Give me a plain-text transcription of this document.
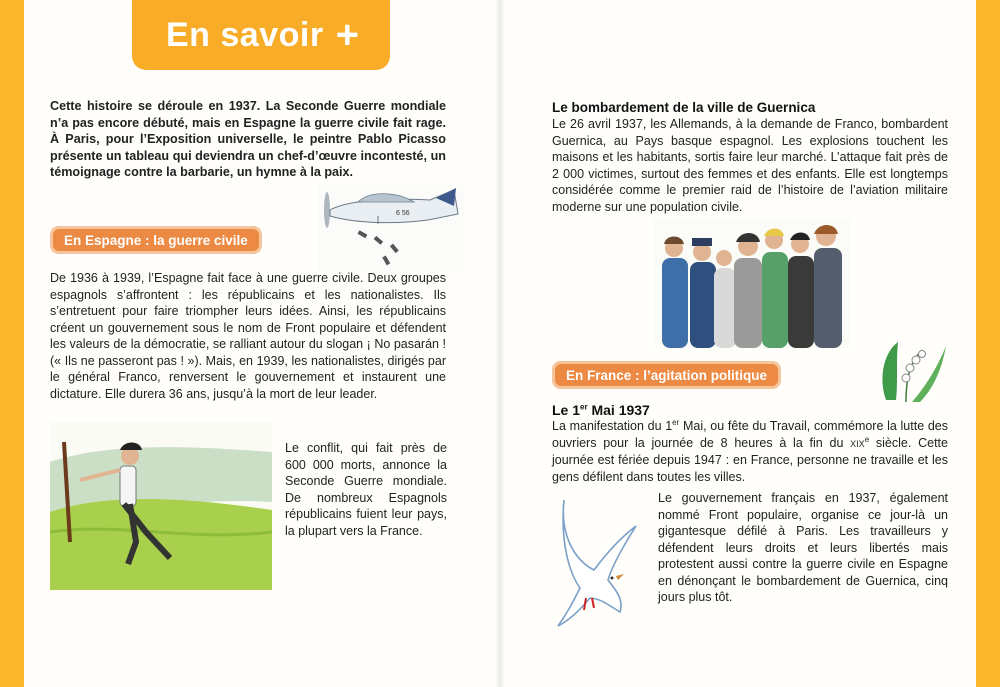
En savoir +
Cette histoire se déroule en 1937. La Seconde Guerre mondiale n’a pas encore débuté, mais en Espagne la guerre civile fait rage. À Paris, pour l’Exposition universelle, le peintre Pablo Picasso présente un tableau qui deviendra un chef-d’œuvre incontesté, un témoignage contre la barbarie, un hymne à la paix.
6 56
En Espagne : la guerre civile
De 1936 à 1939, l’Espagne fait face à une guerre civile. Deux groupes espagnols s’affrontent : les républicains et les nationalistes. Ils s’entretuent pour faire triompher leurs idées. Ainsi, les républicains créent un gouvernement sous le nom de Front populaire et défendent les valeurs de la démocratie, se ralliant autour du slogan ¡ No pasarán ! (« Ils ne passeront pas ! »). Mais, en 1939, les nationalistes, dirigés par le général Franco, renversent le gouvernement et instaurent une dictature. Elle durera 36 ans, jusqu’à la mort de leur leader.
Le conflit, qui fait près de 600 000 morts, annonce la Seconde Guerre mondiale. De nombreux Espagnols républicains fuient leur pays, la plupart vers la France.
Le bombardement de la ville de Guernica
Le 26 avril 1937, les Allemands, à la demande de Franco, bombardent Guernica, au Pays basque espagnol. Les explosions touchent les maisons et les habitants, sortis faire leur marché. L’attaque fait près de 2 000 victimes, surtout des femmes et des enfants. Elle est longtemps considérée comme le premier raid de l’histoire de l’aviation militaire moderne sur une population civile.
En France : l’agitation politique
Le 1er Mai 1937
La manifestation du 1er Mai, ou fête du Travail, commémore la lutte des ouvriers pour la journée de 8 heures à la fin du XIXe siècle. Cette journée est fériée depuis 1947 : en France, personne ne travaille et les gens défilent dans toutes les villes.
Le gouvernement français en 1937, également nommé Front populaire, organise ce jour-là un gigantesque défilé à Paris. Les travailleurs y défendent leurs droits et leurs libertés mais protestent aussi contre la guerre civile en Espagne en dénonçant le bombardement de Guernica, cinq jours plus tôt.
